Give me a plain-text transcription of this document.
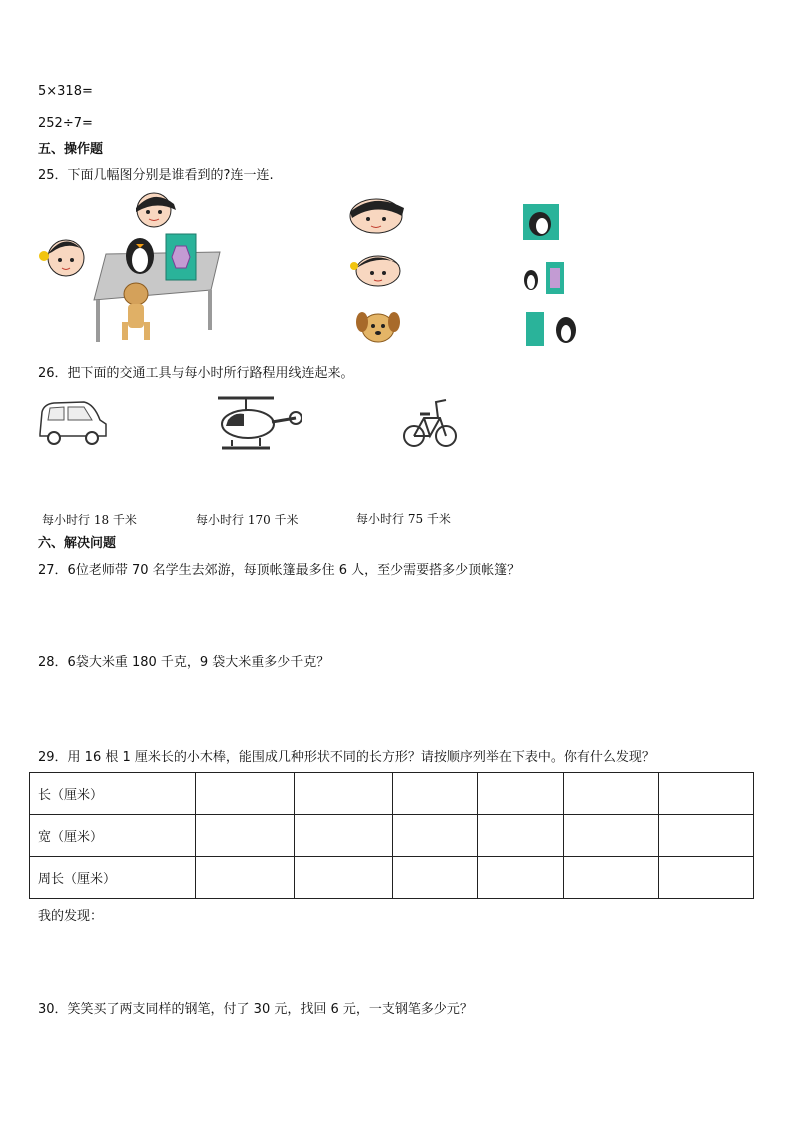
5×318=
252÷7=
五、操作题
25．下面几幅图分别是谁看到的?连一连.
26．把下面的交通工具与每小时所行路程用线连起来。
每小时行 18 千米	每小时行 170 千米	每小时行 75 千米
六、解决问题
27．6位老师带 70 名学生去郊游，每顶帐篷最多住 6 人，至少需要搭多少顶帐篷？
28．6袋大米重 180 千克，9 袋大米重多少千克？
29．用 16 根 1 厘米长的小木棒，能围成几种形状不同的长方形？请按顺序列举在下表中。你有什么发现？
长（厘米）						
宽（厘米）						
周长（厘米）						
我的发现：
30．笑笑买了两支同样的钢笔，付了 30 元，找回 6 元，一支钢笔多少元？
